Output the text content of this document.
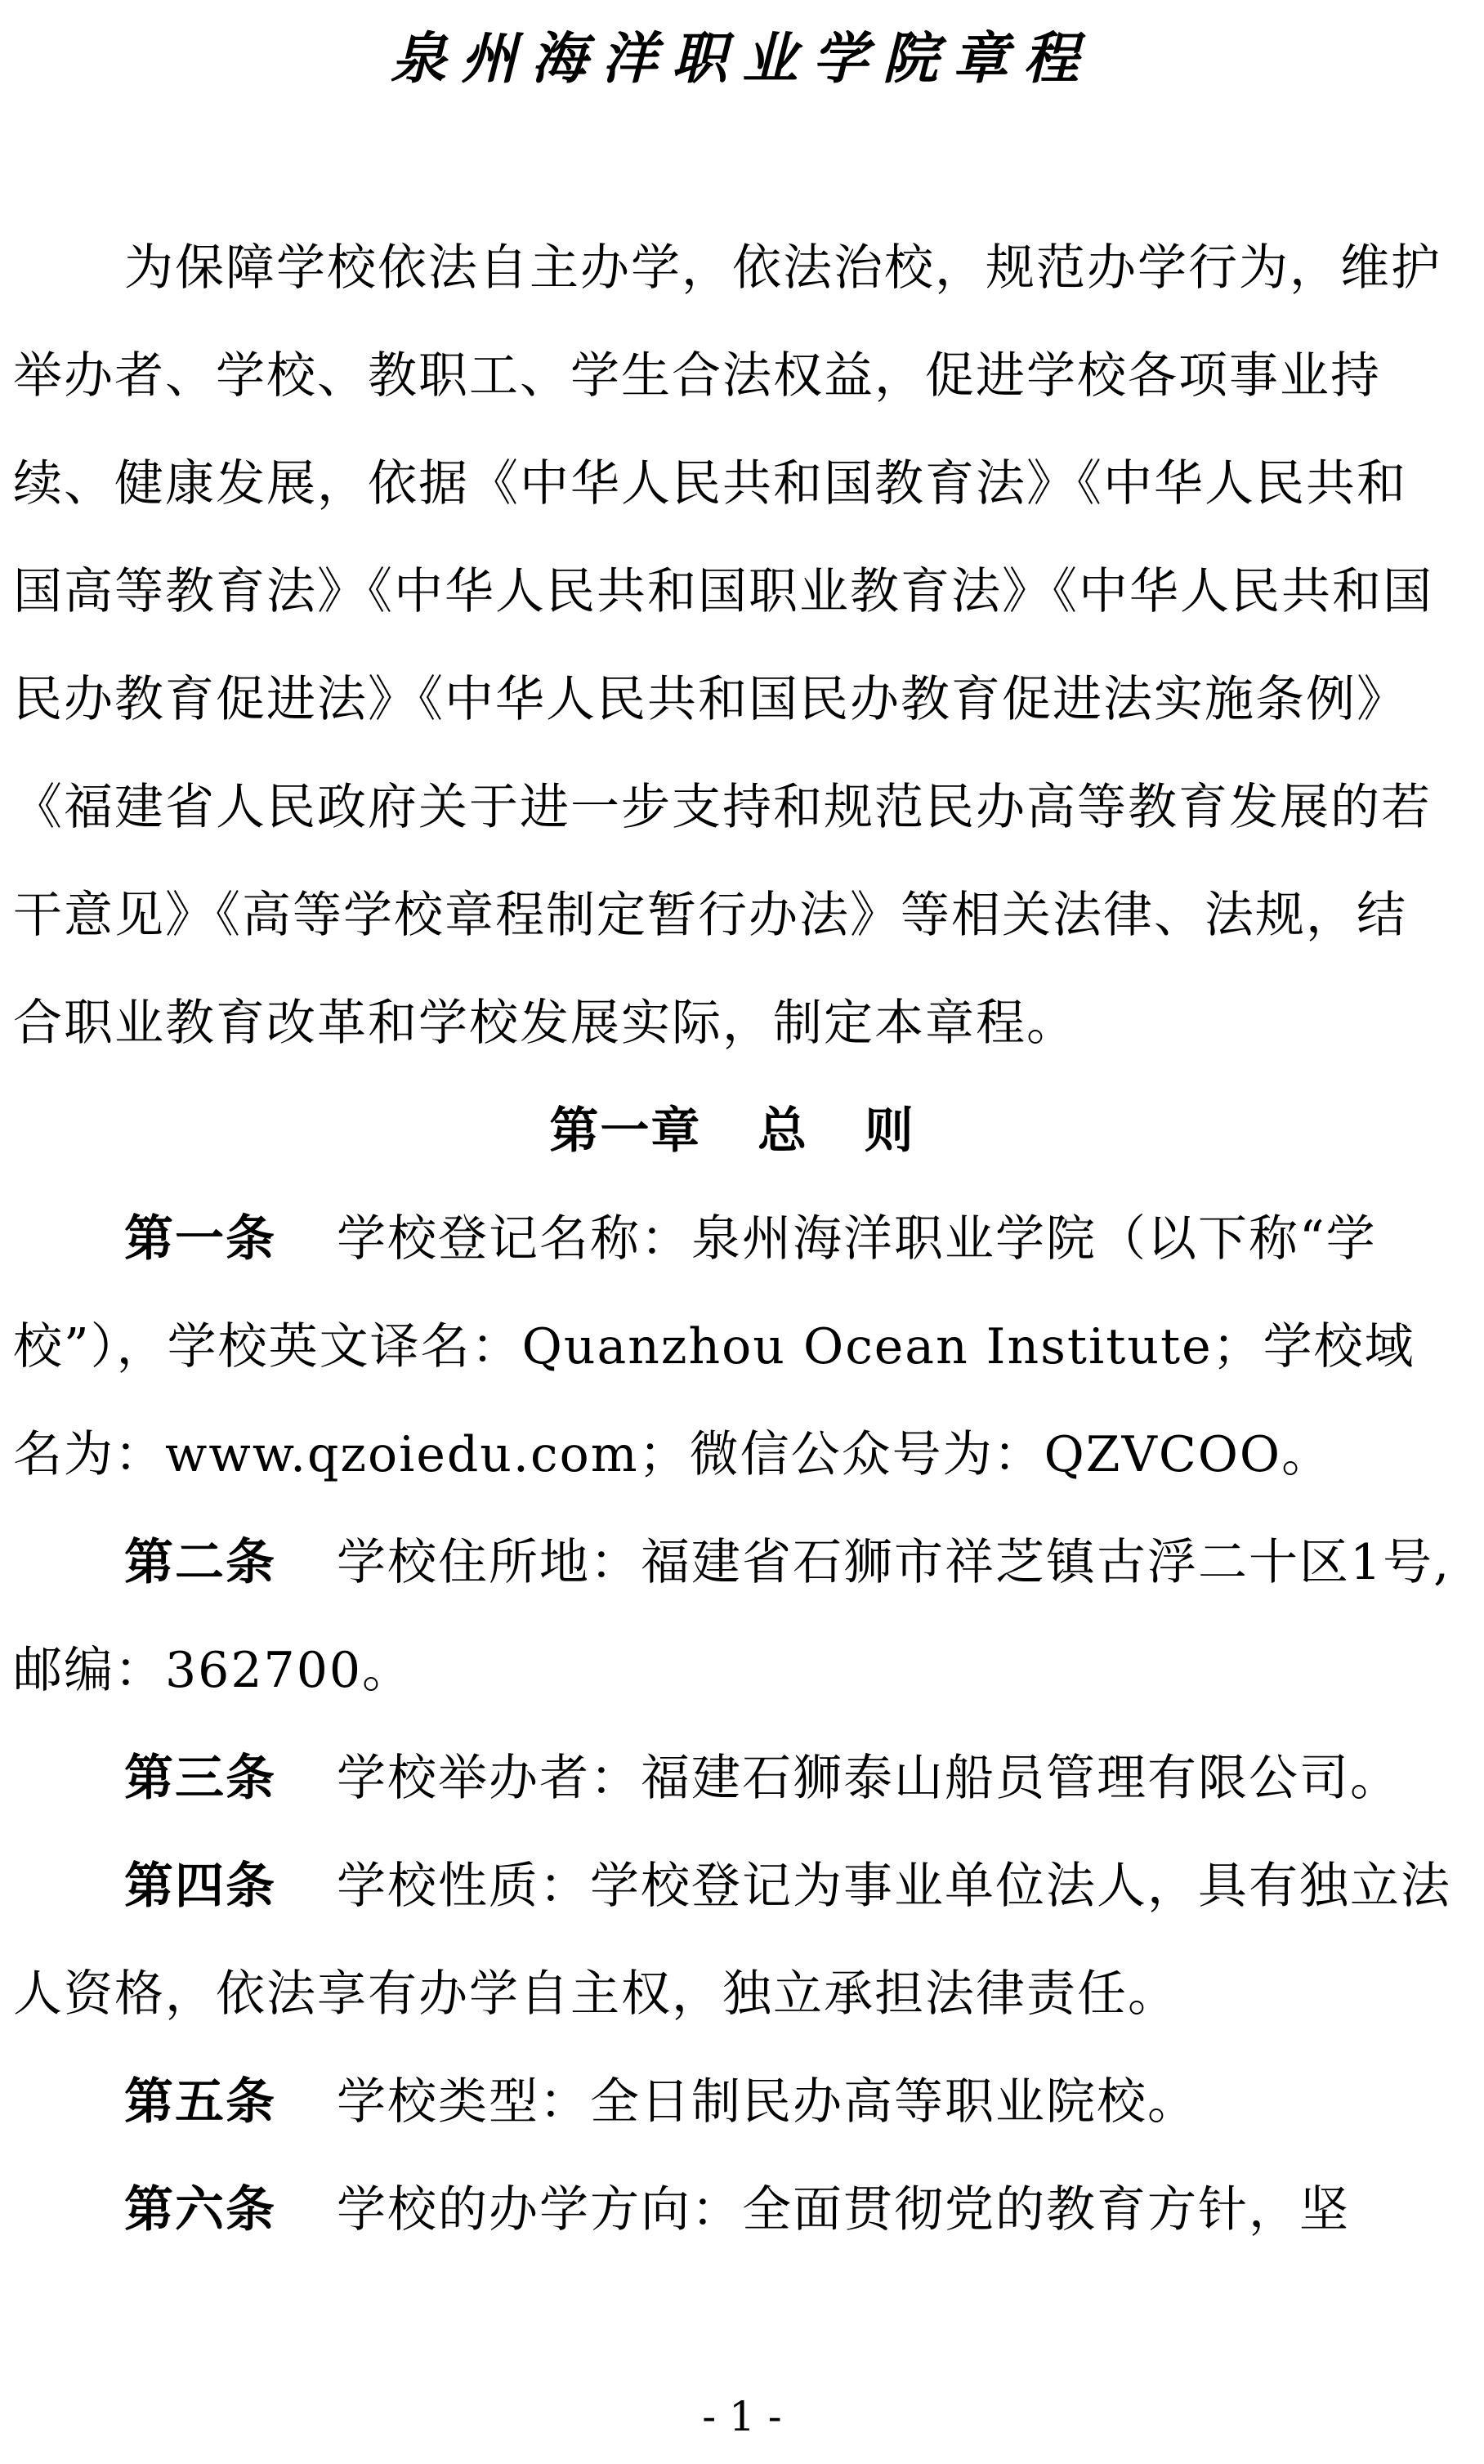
泉州海洋职业学院章程

为保障学校依法自主办学，依法治校，规范办学行为，维护举办者、学校、教职工、学生合法权益，促进学校各项事业持续、健康发展，依据《中华人民共和国教育法》《中华人民共和国高等教育法》《中华人民共和国职业教育法》《中华人民共和国民办教育促进法》《中华人民共和国民办教育促进法实施条例》《福建省人民政府关于进一步支持和规范民办高等教育发展的若干意见》《高等学校章程制定暂行办法》等相关法律、法规，结合职业教育改革和学校发展实际，制定本章程。

第一章   总   则

第一条 学校登记名称：泉州海洋职业学院（以下称“学校”），学校英文译名：Quanzhou Ocean Institute；学校域名为：www.qzoiedu.com；微信公众号为：QZVCOO。

第二条 学校住所地：福建省石狮市祥芝镇古浮二十区1号,邮编：362700。

第三条 学校举办者：福建石狮泰山船员管理有限公司。

第四条 学校性质：学校登记为事业单位法人，具有独立法人资格，依法享有办学自主权，独立承担法律责任。

第五条 学校类型：全日制民办高等职业院校。

第六条 学校的办学方向：全面贯彻党的教育方针，坚

- 1 -
